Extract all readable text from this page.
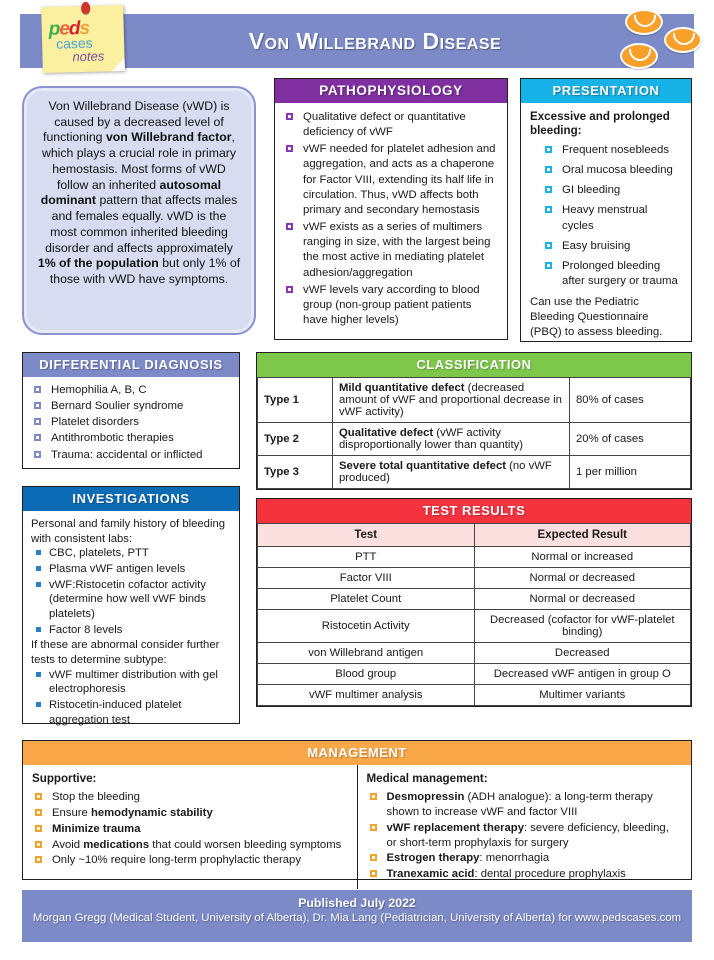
Von Willebrand Disease
peds
cases
notes
Von Willebrand Disease (vWD) is caused by a decreased level of functioning von Willebrand factor, which plays a crucial role in primary hemostasis. Most forms of vWD follow an inherited autosomal dominant pattern that affects males and females equally. vWD is the most common inherited bleeding disorder and affects approximately 1% of the population but only 1% of those with vWD have symptoms.
PATHOPHYSIOLOGY
Qualitative defect or quantitative deficiency of vWF
vWF needed for platelet adhesion and aggregation, and acts as a chaperone for Factor VIII, extending its half life in circulation. Thus, vWD affects both primary and secondary hemostasis
vWF exists as a series of multimers ranging in size, with the largest being the most active in mediating platelet adhesion/aggregation
vWF levels vary according to blood group (non-group patient patients have higher levels)
PRESENTATION
Excessive and prolonged bleeding:
Frequent nosebleeds
Oral mucosa bleeding
GI bleeding
Heavy menstrual cycles
Easy bruising
Prolonged bleeding after surgery or trauma
Can use the Pediatric Bleeding Questionnaire (PBQ) to assess bleeding.
DIFFERENTIAL DIAGNOSIS
Hemophilia A, B, C
Bernard Soulier syndrome
Platelet disorders
Antithrombotic therapies
Trauma: accidental or inflicted
INVESTIGATIONS
Personal and family history of bleeding with consistent labs:
CBC, platelets, PTT
Plasma vWF antigen levels
vWF:Ristocetin cofactor activity (determine how well vWF binds platelets)
Factor 8 levels
If these are abnormal consider further tests to determine subtype:
vWF multimer distribution with gel electrophoresis
Ristocetin-induced platelet aggregation test
CLASSIFICATION
Type 1	Mild quantitative defect (decreased amount of vWF and proportional decrease in vWF activity)	80% of cases
Type 2	Qualitative defect (vWF activity disproportionally lower than quantity)	20% of cases
Type 3	Severe total quantitative defect (no vWF produced)	1 per million
TEST RESULTS
Test	Expected Result
PTT	Normal or increased
Factor VIII	Normal or decreased
Platelet Count	Normal or decreased
Ristocetin Activity	Decreased (cofactor for vWF-platelet binding)
von Willebrand antigen	Decreased
Blood group	Decreased vWF antigen in group O
vWF multimer analysis	Multimer variants
MANAGEMENT
Supportive:
Stop the bleeding
Ensure hemodynamic stability
Minimize trauma
Avoid medications that could worsen bleeding symptoms
Only ~10% require long-term prophylactic therapy
Medical management:
Desmopressin (ADH analogue): a long-term therapy shown to increase vWF and factor VIII
vWF replacement therapy: severe deficiency, bleeding, or short-term prophylaxis for surgery
Estrogen therapy: menorrhagia
Tranexamic acid: dental procedure prophylaxis
Published July 2022
Morgan Gregg (Medical Student, University of Alberta), Dr. Mia Lang (Pediatrician, University of Alberta) for www.pedscases.com
